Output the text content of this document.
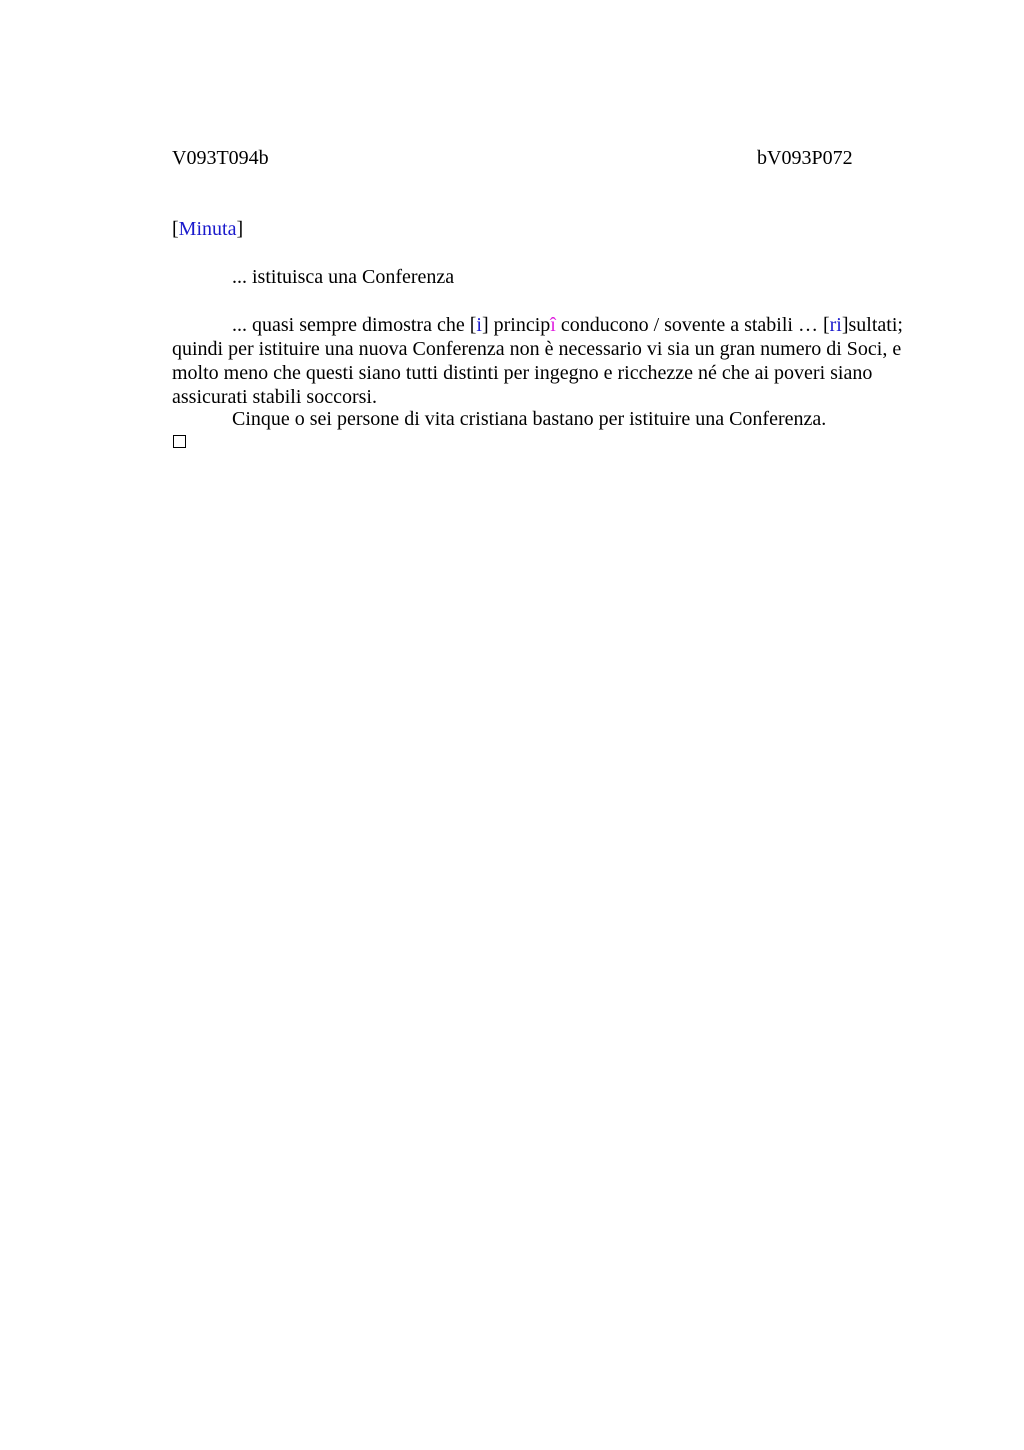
V093T094b	bV093P072
[Minuta]

... istituisca una Conferenza

... quasi sempre dimostra che [i] principî conducono / sovente a stabili … [ri]sultati;
quindi per istituire una nuova Conferenza non è necessario vi sia un gran numero di Soci, e
molto meno che questi siano tutti distinti per ingegno e ricchezze né che ai poveri siano
assicurati stabili soccorsi.

Cinque o sei persone di vita cristiana bastano per istituire una Conferenza.
